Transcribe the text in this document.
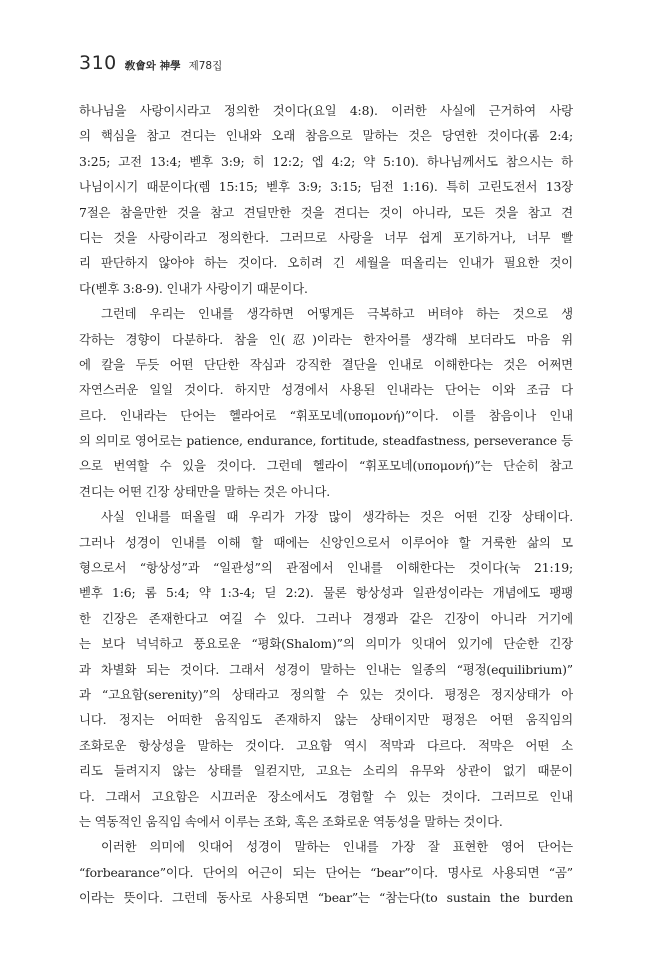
310 敎會와 神學 제78집
하나님을 사랑이시라고 정의한 것이다(요일 4:8). 이러한 사실에 근거하여 사랑
의 핵심을 참고 견디는 인내와 오래 참음으로 말하는 것은 당연한 것이다(롬 2:4;
3:25; 고전 13:4; 벧후 3:9; 히 12:2; 엡 4:2; 약 5:10). 하나님께서도 참으시는 하
나님이시기 때문이다(렘 15:15; 벧후 3:9; 3:15; 딤전 1:16). 특히 고린도전서 13장
7절은 참을만한 것을 참고 견딜만한 것을 견디는 것이 아니라, 모든 것을 참고 견
디는 것을 사랑이라고 정의한다. 그러므로 사랑을 너무 쉽게 포기하거나, 너무 빨
리 판단하지 않아야 하는 것이다. 오히려 긴 세월을 떠올리는 인내가 필요한 것이
다(벧후 3:8-9). 인내가 사랑이기 때문이다.
그런데 우리는 인내를 생각하면 어떻게든 극복하고 버텨야 하는 것으로 생
각하는 경향이 다분하다. 참을 인(忍)이라는 한자어를 생각해 보더라도 마음 위
에 칼을 두듯 어떤 단단한 작심과 강직한 결단을 인내로 이해한다는 것은 어쩌면
자연스러운 일일 것이다. 하지만 성경에서 사용된 인내라는 단어는 이와 조금 다
르다. 인내라는 단어는 헬라어로 “휘포모네(υπομονή)”이다. 이를 참음이나 인내
의 의미로 영어로는 patience, endurance, fortitude, steadfastness, perseverance 등
으로 번역할 수 있을 것이다. 그런데 헬라이 “휘포모네(υπομονή)”는 단순히 참고
견디는 어떤 긴장 상태만을 말하는 것은 아니다.
사실 인내를 떠올릴 때 우리가 가장 많이 생각하는 것은 어떤 긴장 상태이다.
그러나 성경이 인내를 이해 할 때에는 신앙인으로서 이루어야 할 거룩한 삶의 모
형으로서 “항상성”과 “일관성”의 관점에서 인내를 이해한다는 것이다(눅 21:19;
벧후 1:6; 롬 5:4; 약 1:3-4; 딛 2:2). 물론 항상성과 일관성이라는 개념에도 팽팽
한 긴장은 존재한다고 여길 수 있다. 그러나 경쟁과 같은 긴장이 아니라 거기에
는 보다 넉넉하고 풍요로운 “평화(Shalom)”의 의미가 잇대어 있기에 단순한 긴장
과 차별화 되는 것이다. 그래서 성경이 말하는 인내는 일종의 “평정(equilibrium)”
과 “고요함(serenity)”의 상태라고 정의할 수 있는 것이다. 평정은 정지상태가 아
니다. 정지는 어떠한 움직임도 존재하지 않는 상태이지만 평정은 어떤 움직임의
조화로운 항상성을 말하는 것이다. 고요함 역시 적막과 다르다. 적막은 어떤 소
리도 들려지지 않는 상태를 일컫지만, 고요는 소리의 유무와 상관이 없기 때문이
다. 그래서 고요함은 시끄러운 장소에서도 경험할 수 있는 것이다. 그러므로 인내
는 역동적인 움직임 속에서 이루는 조화, 혹은 조화로운 역동성을 말하는 것이다.
이러한 의미에 잇대어 성경이 말하는 인내를 가장 잘 표현한 영어 단어는
“forbearance”이다. 단어의 어근이 되는 단어는 “bear”이다. 명사로 사용되면 “곰”
이라는 뜻이다. 그런데 동사로 사용되면 “bear”는 “참는다(to sustain the burden
